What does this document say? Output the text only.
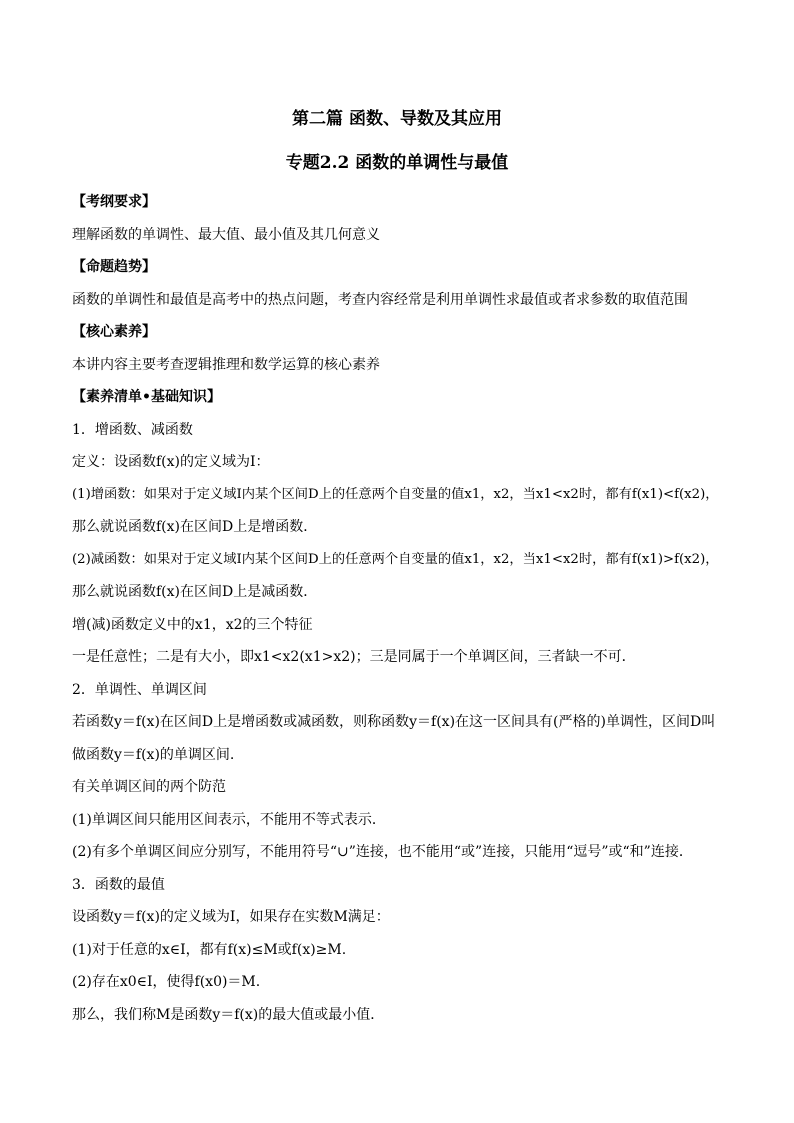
第二篇 函数、导数及其应用
专题2.2 函数的单调性与最值
【考纲要求】
理解函数的单调性、最大值、最小值及其几何意义
【命题趋势】
函数的单调性和最值是高考中的热点问题，考查内容经常是利用单调性求最值或者求参数的取值范围
【核心素养】
本讲内容主要考查逻辑推理和数学运算的核心素养
【素养清单•基础知识】
1．增函数、减函数
定义：设函数f(x)的定义域为I：
(1)增函数：如果对于定义域I内某个区间D上的任意两个自变量的值x1，x2，当x1<x2时，都有f(x1)<f(x2)，
那么就说函数f(x)在区间D上是增函数．
(2)减函数：如果对于定义域I内某个区间D上的任意两个自变量的值x1，x2，当x1<x2时，都有f(x1)>f(x2)，
那么就说函数f(x)在区间D上是减函数．
增(减)函数定义中的x1，x2的三个特征
一是任意性；二是有大小，即x1<x2(x1>x2)；三是同属于一个单调区间，三者缺一不可．
2．单调性、单调区间
若函数y＝f(x)在区间D上是增函数或减函数，则称函数y＝f(x)在这一区间具有(严格的)单调性，区间D叫
做函数y＝f(x)的单调区间.
有关单调区间的两个防范
(1)单调区间只能用区间表示，不能用不等式表示．
(2)有多个单调区间应分别写，不能用符号“∪”连接，也不能用“或”连接，只能用“逗号”或“和”连接．
3．函数的最值
设函数y＝f(x)的定义域为I，如果存在实数M满足：
(1)对于任意的x∈I，都有f(x)≤M或f(x)≥M.
(2)存在x0∈I，使得f(x0)＝M.
那么，我们称M是函数y＝f(x)的最大值或最小值．
